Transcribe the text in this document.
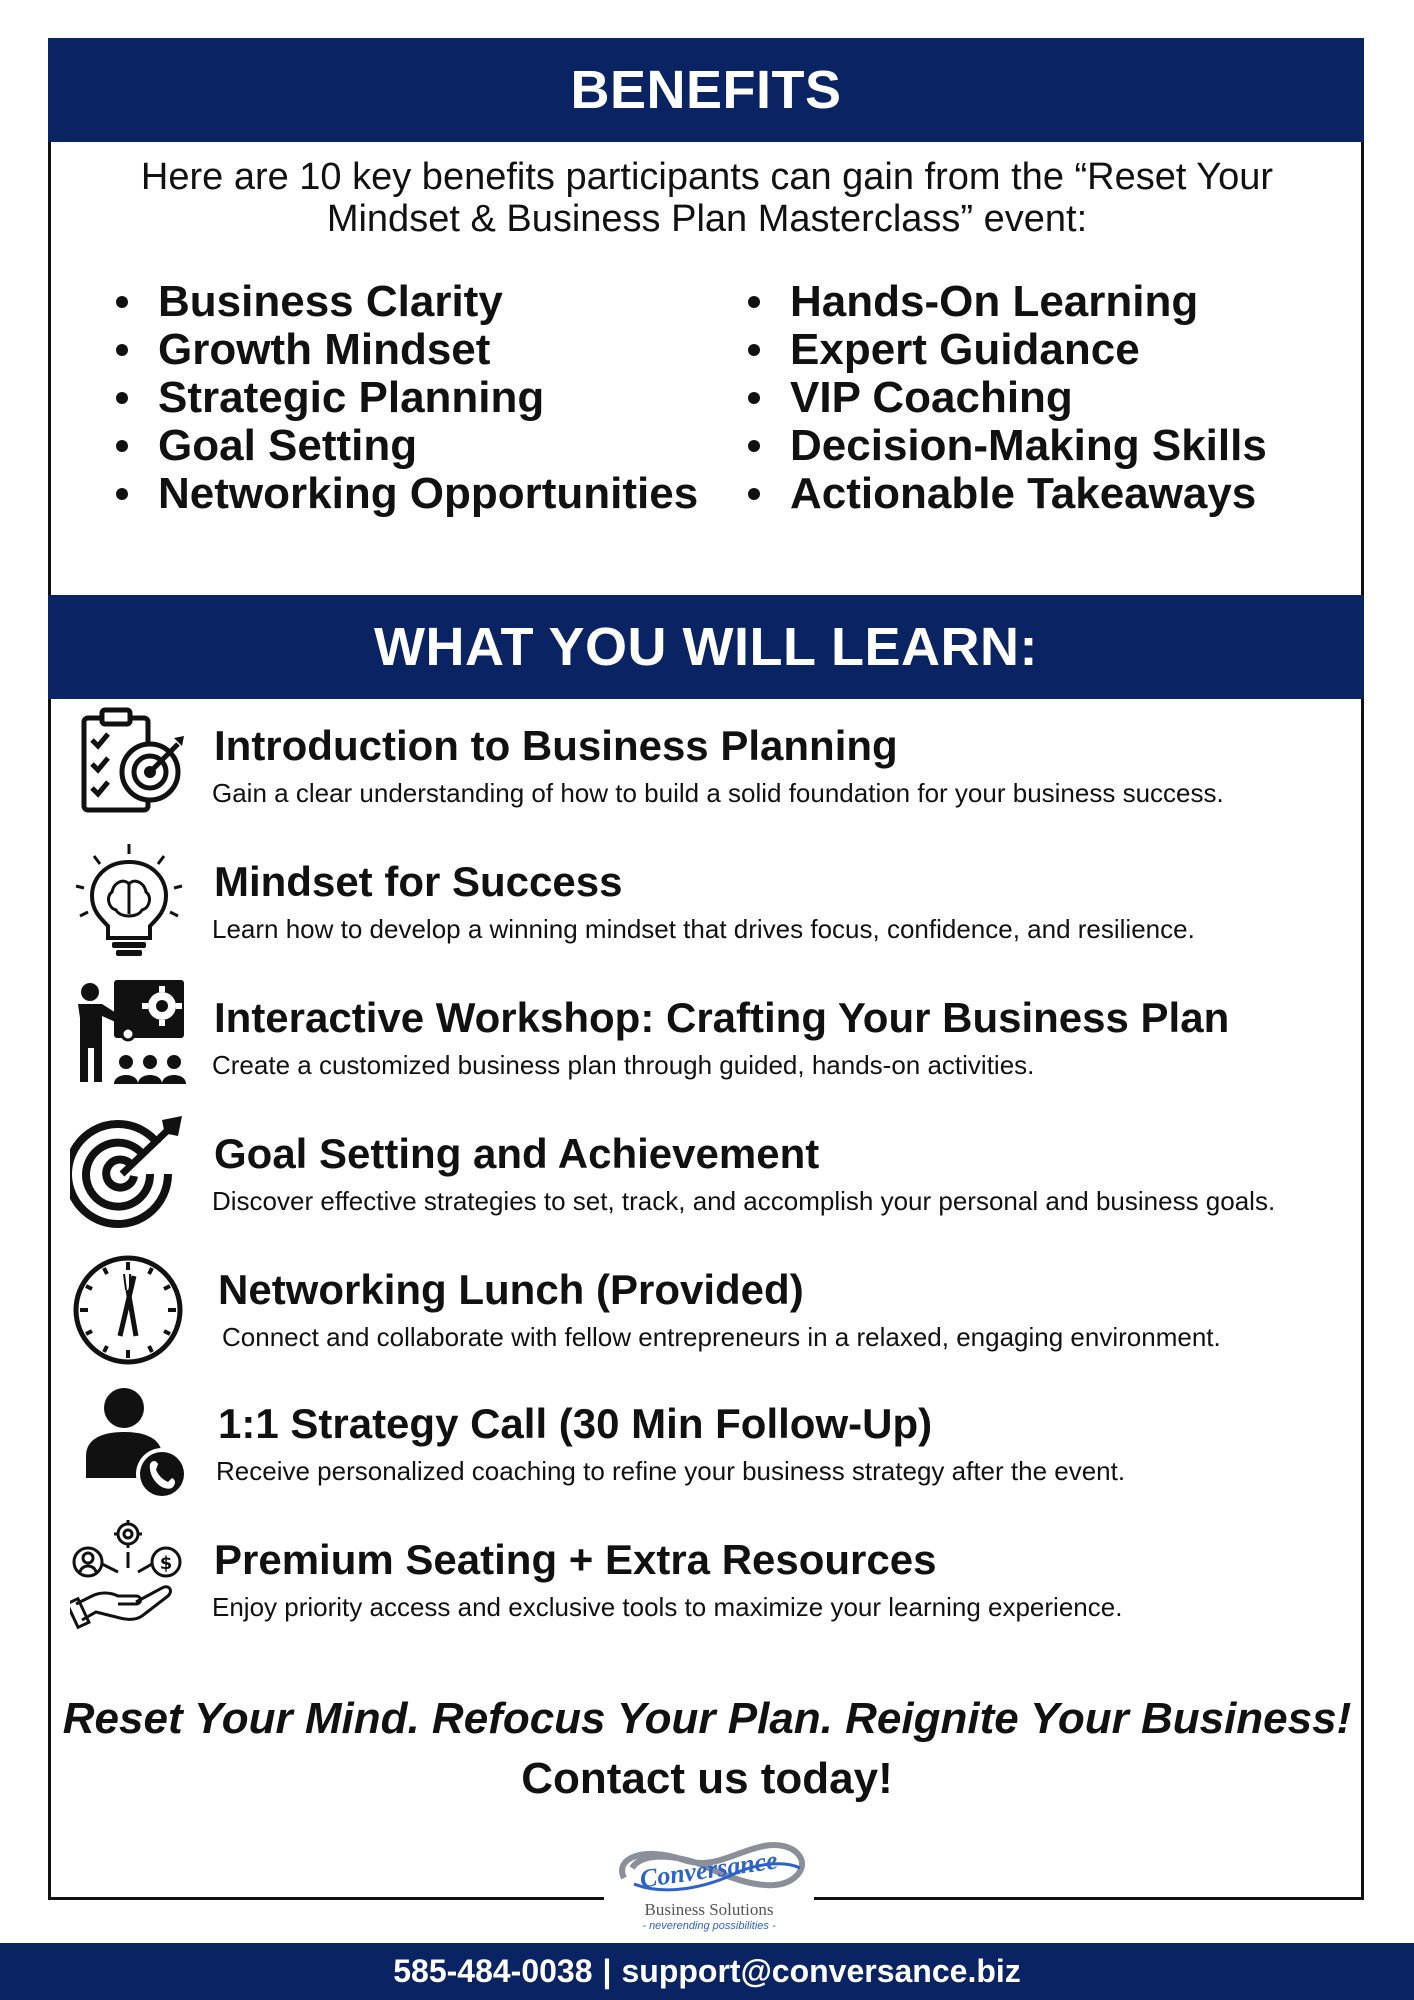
BENEFITS
Here are 10 key benefits participants can gain from the “Reset Your Mindset & Business Plan Masterclass” event:
Business Clarity
Growth Mindset
Strategic Planning
Goal Setting
Networking Opportunities
Hands-On Learning
Expert Guidance
VIP Coaching
Decision-Making Skills
Actionable Takeaways
WHAT YOU WILL LEARN:
Introduction to Business Planning
Gain a clear understanding of how to build a solid foundation for your business success.
Mindset for Success
Learn how to develop a winning mindset that drives focus, confidence, and resilience.
Interactive Workshop: Crafting Your Business Plan
Create a customized business plan through guided, hands-on activities.
Goal Setting and Achievement
Discover effective strategies to set, track, and accomplish your personal and business goals.
Networking Lunch (Provided)
Connect and collaborate with fellow entrepreneurs in a relaxed, engaging environment.
1:1 Strategy Call (30 Min Follow-Up)
Receive personalized coaching to refine your business strategy after the event.
$ Premium Seating + Extra Resources
Enjoy priority access and exclusive tools to maximize your learning experience.
Reset Your Mind. Refocus Your Plan. Reignite Your Business!
Contact us today!
Conversance
Business Solutions
- neverending possibilities -
585-484-0038 | support@conversance.biz
